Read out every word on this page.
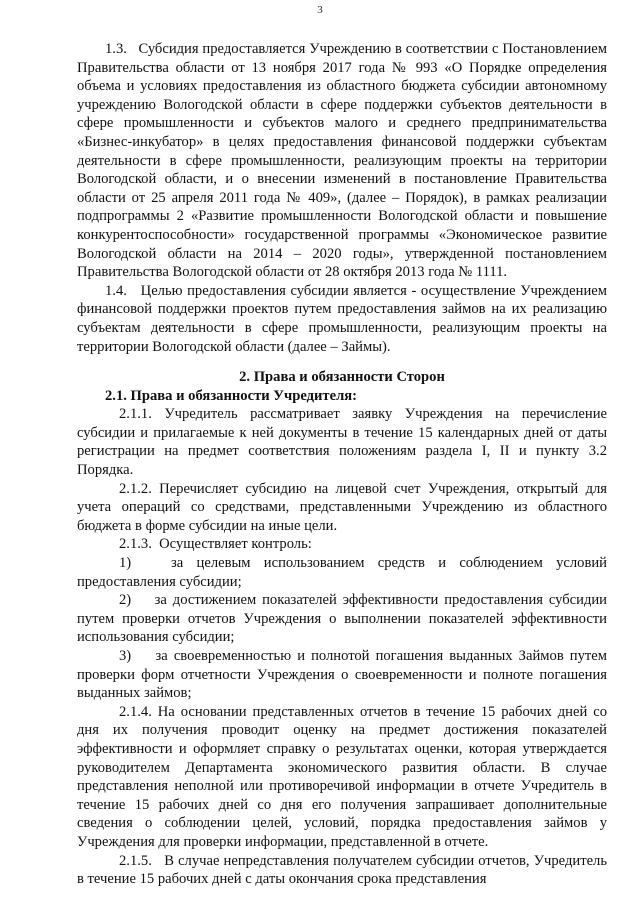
3

1.3.   Субсидия предоставляется Учреждению в соответствии с Постановлением Правительства области от 13 ноября 2017 года № 993 «О Порядке определения объема и условиях предоставления из областного бюджета субсидии автономному учреждению Вологодской области в сфере поддержки субъектов деятельности в сфере промышленности и субъектов малого и среднего предпринимательства «Бизнес-инкубатор» в целях предоставления финансовой поддержки субъектам деятельности в сфере промышленности, реализующим проекты на территории Вологодской области, и о внесении изменений в постановление Правительства области от 25 апреля 2011 года № 409», (далее – Порядок), в рамках реализации подпрограммы 2 «Развитие промышленности Вологодской области и повышение конкурентоспособности» государственной программы «Экономическое развитие Вологодской области на 2014 – 2020 годы», утвержденной постановлением Правительства Вологодской области от 28 октября 2013 года № 1111.

1.4.   Целью предоставления субсидии является - осуществление Учреждением финансовой поддержки проектов путем предоставления займов на их реализацию субъектам деятельности в сфере промышленности, реализующим проекты на территории Вологодской области (далее – Займы).

2. Права и обязанности Сторон

2.1. Права и обязанности Учредителя:

2.1.1. Учредитель рассматривает заявку Учреждения на перечисление субсидии и прилагаемые к ней документы в течение 15 календарных дней от даты регистрации на предмет соответствия положениям раздела I, II и пункту 3.2 Порядка.

2.1.2. Перечисляет субсидию на лицевой счет Учреждения, открытый для учета операций со средствами, представленными Учреждению из областного бюджета в форме субсидии на иные цели.

2.1.3.  Осуществляет контроль:

1)   за целевым использованием средств и соблюдением условий предоставления субсидии;

2)    за достижением показателей эффективности предоставления субсидии путем проверки отчетов Учреждения о выполнении показателей эффективности использования субсидии;

3)    за своевременностью и полнотой погашения выданных Займов путем проверки форм отчетности Учреждения о своевременности и полноте погашения выданных займов;

2.1.4. На основании представленных отчетов в течение 15 рабочих дней со дня их получения проводит оценку на предмет достижения показателей эффективности и оформляет справку о результатах оценки, которая утверждается руководителем Департамента экономического развития области. В случае представления неполной или противоречивой информации в отчете Учредитель в течение 15 рабочих дней со дня его получения запрашивает дополнительные сведения о соблюдении целей, условий, порядка предоставления займов у Учреждения для проверки информации, представленной в отчете.

2.1.5.   В случае непредставления получателем субсидии отчетов, Учредитель в течение 15 рабочих дней с даты окончания срока представления
